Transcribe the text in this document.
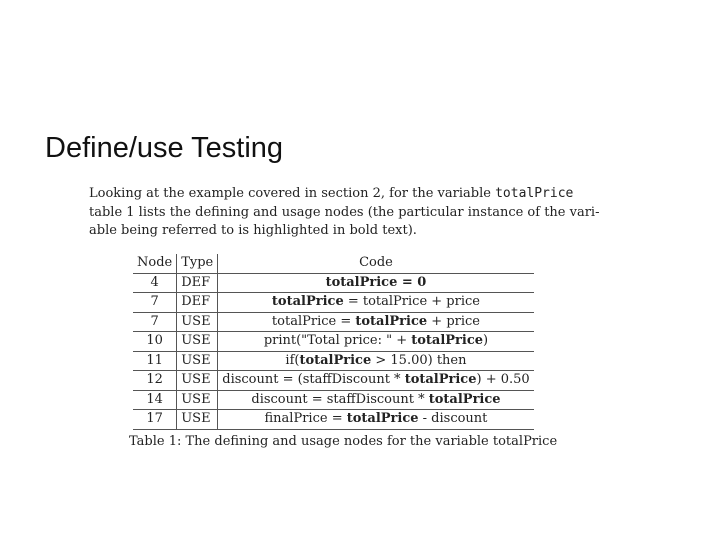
Define/use Testing
Looking at the example covered in section 2, for the variable totalPrice
table 1 lists the defining and usage nodes (the particular instance of the vari-
able being referred to is highlighted in bold text).
Node	Type	Code
4	DEF	totalPrice = 0
7	DEF	totalPrice = totalPrice + price
7	USE	totalPrice = totalPrice + price
10	USE	print("Total price: " + totalPrice)
11	USE	if(totalPrice > 15.00) then
12	USE	discount = (staffDiscount * totalPrice) + 0.50
14	USE	discount = staffDiscount * totalPrice
17	USE	finalPrice = totalPrice - discount
Table 1: The defining and usage nodes for the variable totalPrice
